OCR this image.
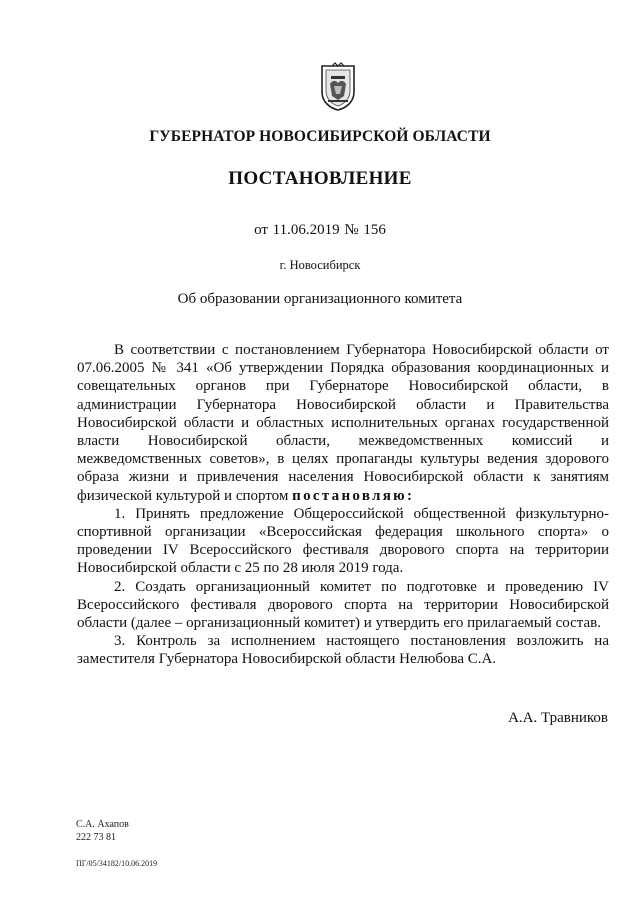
ГУБЕРНАТОР НОВОСИБИРСКОЙ ОБЛАСТИ
ПОСТАНОВЛЕНИЕ
от 11.06.2019 № 156
г. Новосибирск
Об образовании организационного комитета

В соответствии с постановлением Губернатора Новосибирской области от 07.06.2005 № 341 «Об утверждении Порядка образования координационных и совещательных органов при Губернаторе Новосибирской области, в администрации Губернатора Новосибирской области и Правительства Новосибирской области и областных исполнительных органах государственной власти Новосибирской области, межведомственных комиссий и межведомственных советов», в целях пропаганды культуры ведения здорового образа жизни и привлечения населения Новосибирской области к занятиям физической культурой и спортом постановляю:

1. Принять предложение Общероссийской общественной физкультурно-спортивной организации «Всероссийская федерация школьного спорта» о проведении IV Всероссийского фестиваля дворового спорта на территории Новосибирской области с 25 по 28 июля 2019 года.

2. Создать организационный комитет по подготовке и проведению IV Всероссийского фестиваля дворового спорта на территории Новосибирской области (далее – организационный комитет) и утвердить его прилагаемый состав.

3. Контроль за исполнением настоящего постановления возложить на заместителя Губернатора Новосибирской области Нелюбова С.А.

А.А. Травников
С.А. Ахапов
222 73 81
ПГ/05/34182/10.06.2019
